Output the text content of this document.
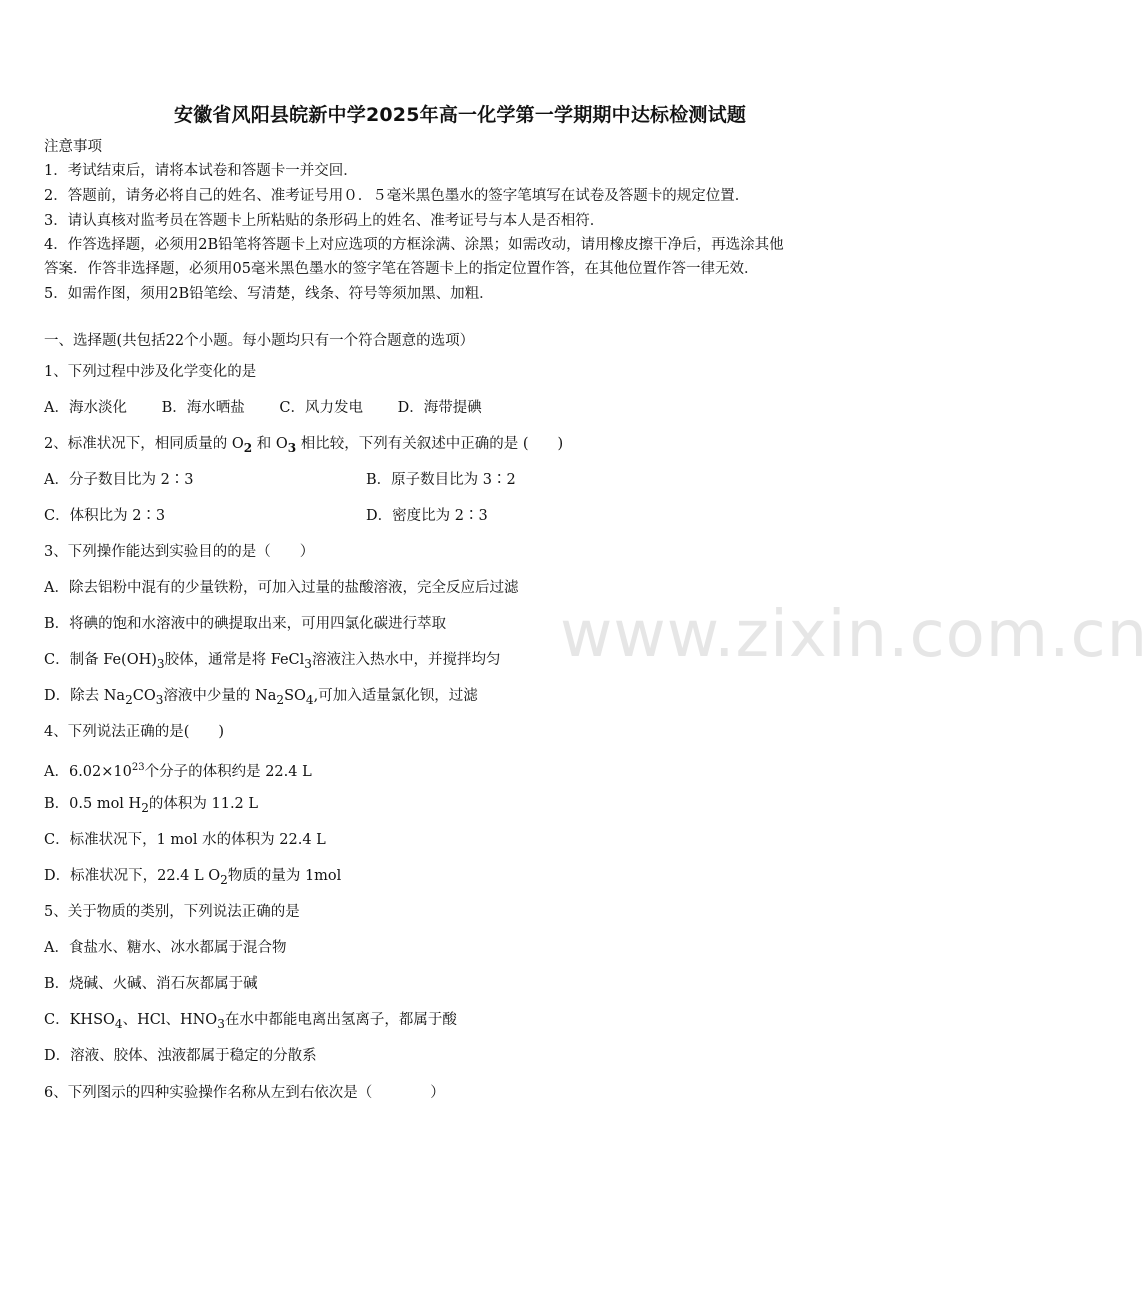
www.zixin.com.cn
安徽省风阳县皖新中学2025年高一化学第一学期期中达标检测试题
注意事项
1．考试结束后，请将本试卷和答题卡一并交回．
2．答题前，请务必将自己的姓名、准考证号用０．５毫米黑色墨水的签字笔填写在试卷及答题卡的规定位置．
3．请认真核对监考员在答题卡上所粘贴的条形码上的姓名、准考证号与本人是否相符．
4．作答选择题，必须用2B铅笔将答题卡上对应选项的方框涂满、涂黑；如需改动，请用橡皮擦干净后，再选涂其他
答案．作答非选择题，必须用05毫米黑色墨水的签字笔在答题卡上的指定位置作答，在其他位置作答一律无效．
5．如需作图，须用2B铅笔绘、写清楚，线条、符号等须加黑、加粗．
一、选择题(共包括22个小题。每小题均只有一个符合题意的选项）
1、下列过程中涉及化学变化的是
A．海水淡化 B．海水晒盐 C．风力发电 D．海带提碘
2、标准状况下，相同质量的 $O_2$ 和 $O_3$ 相比较，下列有关叙述中正确的是 (　　)
A．分子数目比为 2∶3	B．原子数目比为 3∶2
C．体积比为 2∶3	D．密度比为 2∶3
3、下列操作能达到实验目的的是（　　）
A．除去铝粉中混有的少量铁粉，可加入过量的盐酸溶液，完全反应后过滤
B．将碘的饱和水溶液中的碘提取出来，可用四氯化碳进行萃取
C．制备 $Fe(OH)_3$胶体，通常是将 FeCl$_3$溶液注入热水中，并搅拌均匀
D．除去 $Na_2CO_3$溶液中少量的 $Na_2SO_4$,可加入适量氯化钡，过滤
4、下列说法正确的是(　　)
A．$6.02\times 10^{23}$个分子的体积约是 22.4 L
B．0.5 mol $H_2$的体积为 11.2 L
C．标准状况下，1 mol 水的体积为 22.4 L
D．标准状况下，22.4 L $O_2$物质的量为 1mol
5、关于物质的类别，下列说法正确的是
A．食盐水、糖水、冰水都属于混合物
B．烧碱、火碱、消石灰都属于碱
C．$KHSO_4$、HCl、$HNO_3$在水中都能电离出氢离子，都属于酸
D．溶液、胶体、浊液都属于稳定的分散系
6、下列图示的四种实验操作名称从左到右依次是（　　　　）
